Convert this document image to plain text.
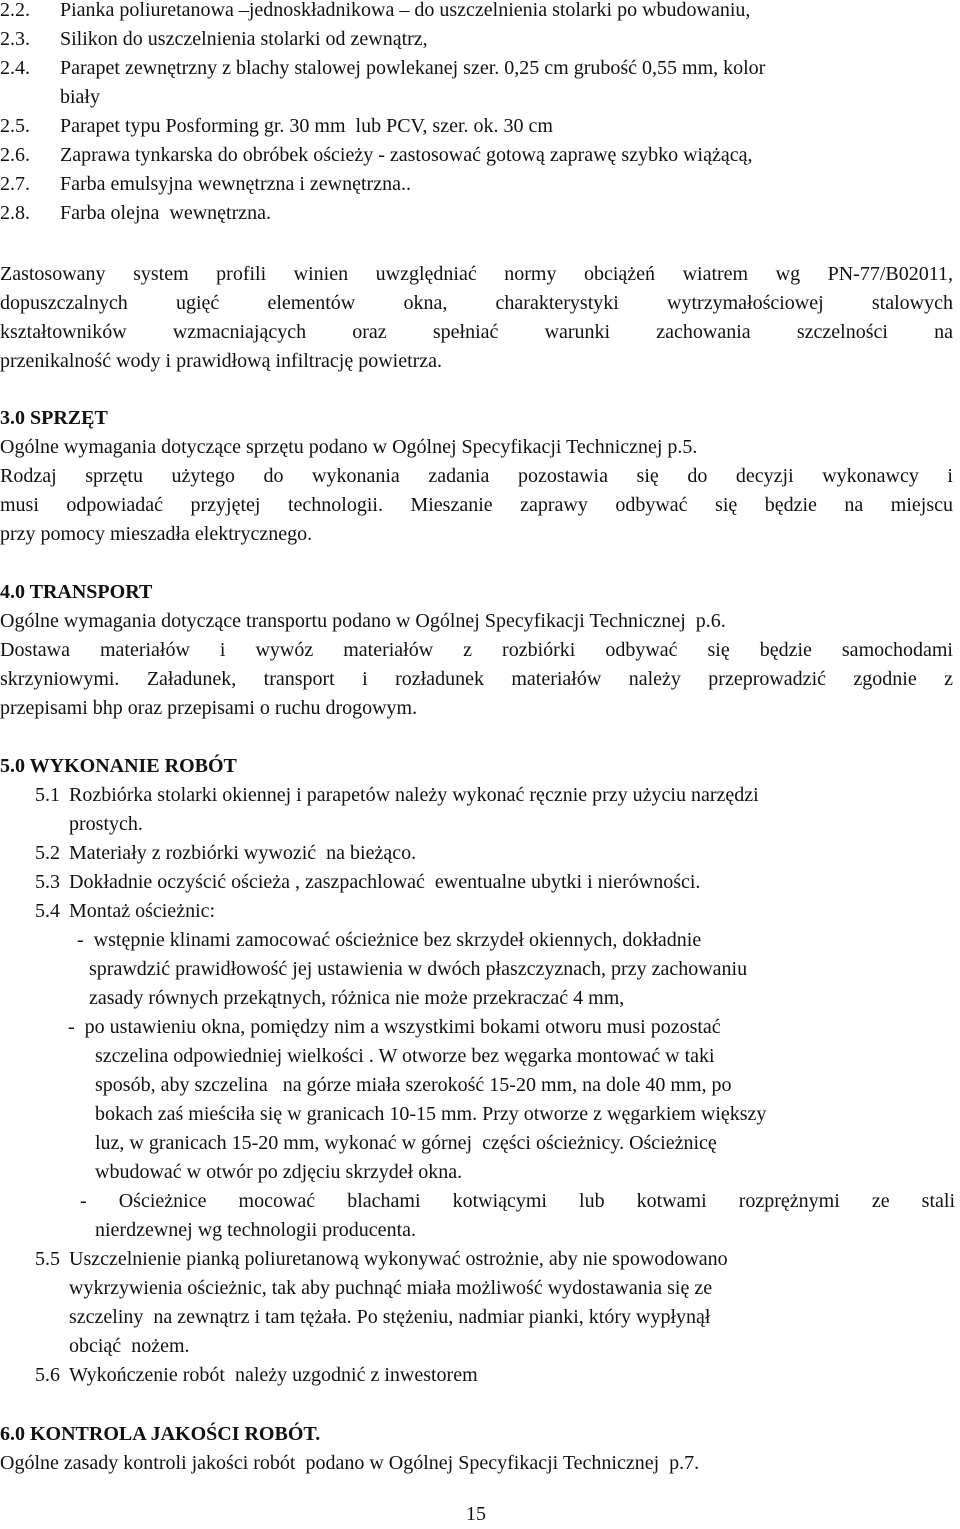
2.2. Pianka poliuretanowa –jednoskładnikowa – do uszczelnienia stolarki po wbudowaniu,
2.3. Silikon do uszczelnienia stolarki od zewnątrz,
2.4. Parapet zewnętrzny z blachy stalowej powlekanej szer. 0,25 cm grubość 0,55 mm, kolor
biały
2.5. Parapet typu Posforming gr. 30 mm  lub PCV, szer. ok. 30 cm
2.6. Zaprawa tynkarska do obróbek ościeży - zastosować gotową zaprawę szybko wiążącą,
2.7. Farba emulsyjna wewnętrzna i zewnętrzna..
2.8. Farba olejna  wewnętrzna.
Zastosowany system profili winien uwzględniać normy obciążeń wiatrem wg PN-77/B02011,
dopuszczalnych ugięć elementów okna, charakterystyki wytrzymałościowej stalowych
kształtowników wzmacniających oraz spełniać warunki zachowania szczelności na
przenikalność wody i prawidłową infiltrację powietrza.
3.0 SPRZĘT
Ogólne wymagania dotyczące sprzętu podano w Ogólnej Specyfikacji Technicznej p.5.
Rodzaj sprzętu użytego do wykonania zadania pozostawia się do decyzji wykonawcy i
musi odpowiadać przyjętej technologii. Mieszanie zaprawy odbywać się będzie na miejscu
przy pomocy mieszadła elektrycznego.
4.0 TRANSPORT
Ogólne wymagania dotyczące transportu podano w Ogólnej Specyfikacji Technicznej  p.6.
Dostawa materiałów i wywóz materiałów z rozbiórki odbywać się będzie samochodami
skrzyniowymi. Załadunek, transport i rozładunek materiałów należy przeprowadzić zgodnie z
przepisami bhp oraz przepisami o ruchu drogowym.
5.0 WYKONANIE ROBÓT
5.1 Rozbiórka stolarki okiennej i parapetów należy wykonać ręcznie przy użyciu narzędzi
prostych.
5.2 Materiały z rozbiórki wywozić  na bieżąco.
5.3 Dokładnie oczyścić ościeża , zaszpachlować  ewentualne ubytki i nierówności.
5.4 Montaż ościeżnic:
-  wstępnie klinami zamocować ościeżnice bez skrzydeł okiennych, dokładnie
sprawdzić prawidłowość jej ustawienia w dwóch płaszczyznach, przy zachowaniu
zasady równych przekątnych, różnica nie może przekraczać 4 mm,
-  po ustawieniu okna, pomiędzy nim a wszystkimi bokami otworu musi pozostać
szczelina odpowiedniej wielkości . W otworze bez węgarka montować w taki
sposób, aby szczelina   na górze miała szerokość 15-20 mm, na dole 40 mm, po
bokach zaś mieściła się w granicach 10-15 mm. Przy otworze z węgarkiem większy
luz, w granicach 15-20 mm, wykonać w górnej  części ościeżnicy. Ościeżnicę
wbudować w otwór po zdjęciu skrzydeł okna.
- Ościeżnice mocować blachami kotwiącymi lub kotwami rozprężnymi ze stali
nierdzewnej wg technologii producenta.
5.5 Uszczelnienie pianką poliuretanową wykonywać ostrożnie, aby nie spowodowano
wykrzywienia ościeżnic, tak aby puchnąć miała możliwość wydostawania się ze
szczeliny  na zewnątrz i tam tężała. Po stężeniu, nadmiar pianki, który wypłynął
obciąć  nożem.
5.6 Wykończenie robót  należy uzgodnić z inwestorem
6.0 KONTROLA JAKOŚCI ROBÓT.
Ogólne zasady kontroli jakości robót  podano w Ogólnej Specyfikacji Technicznej  p.7.
15
